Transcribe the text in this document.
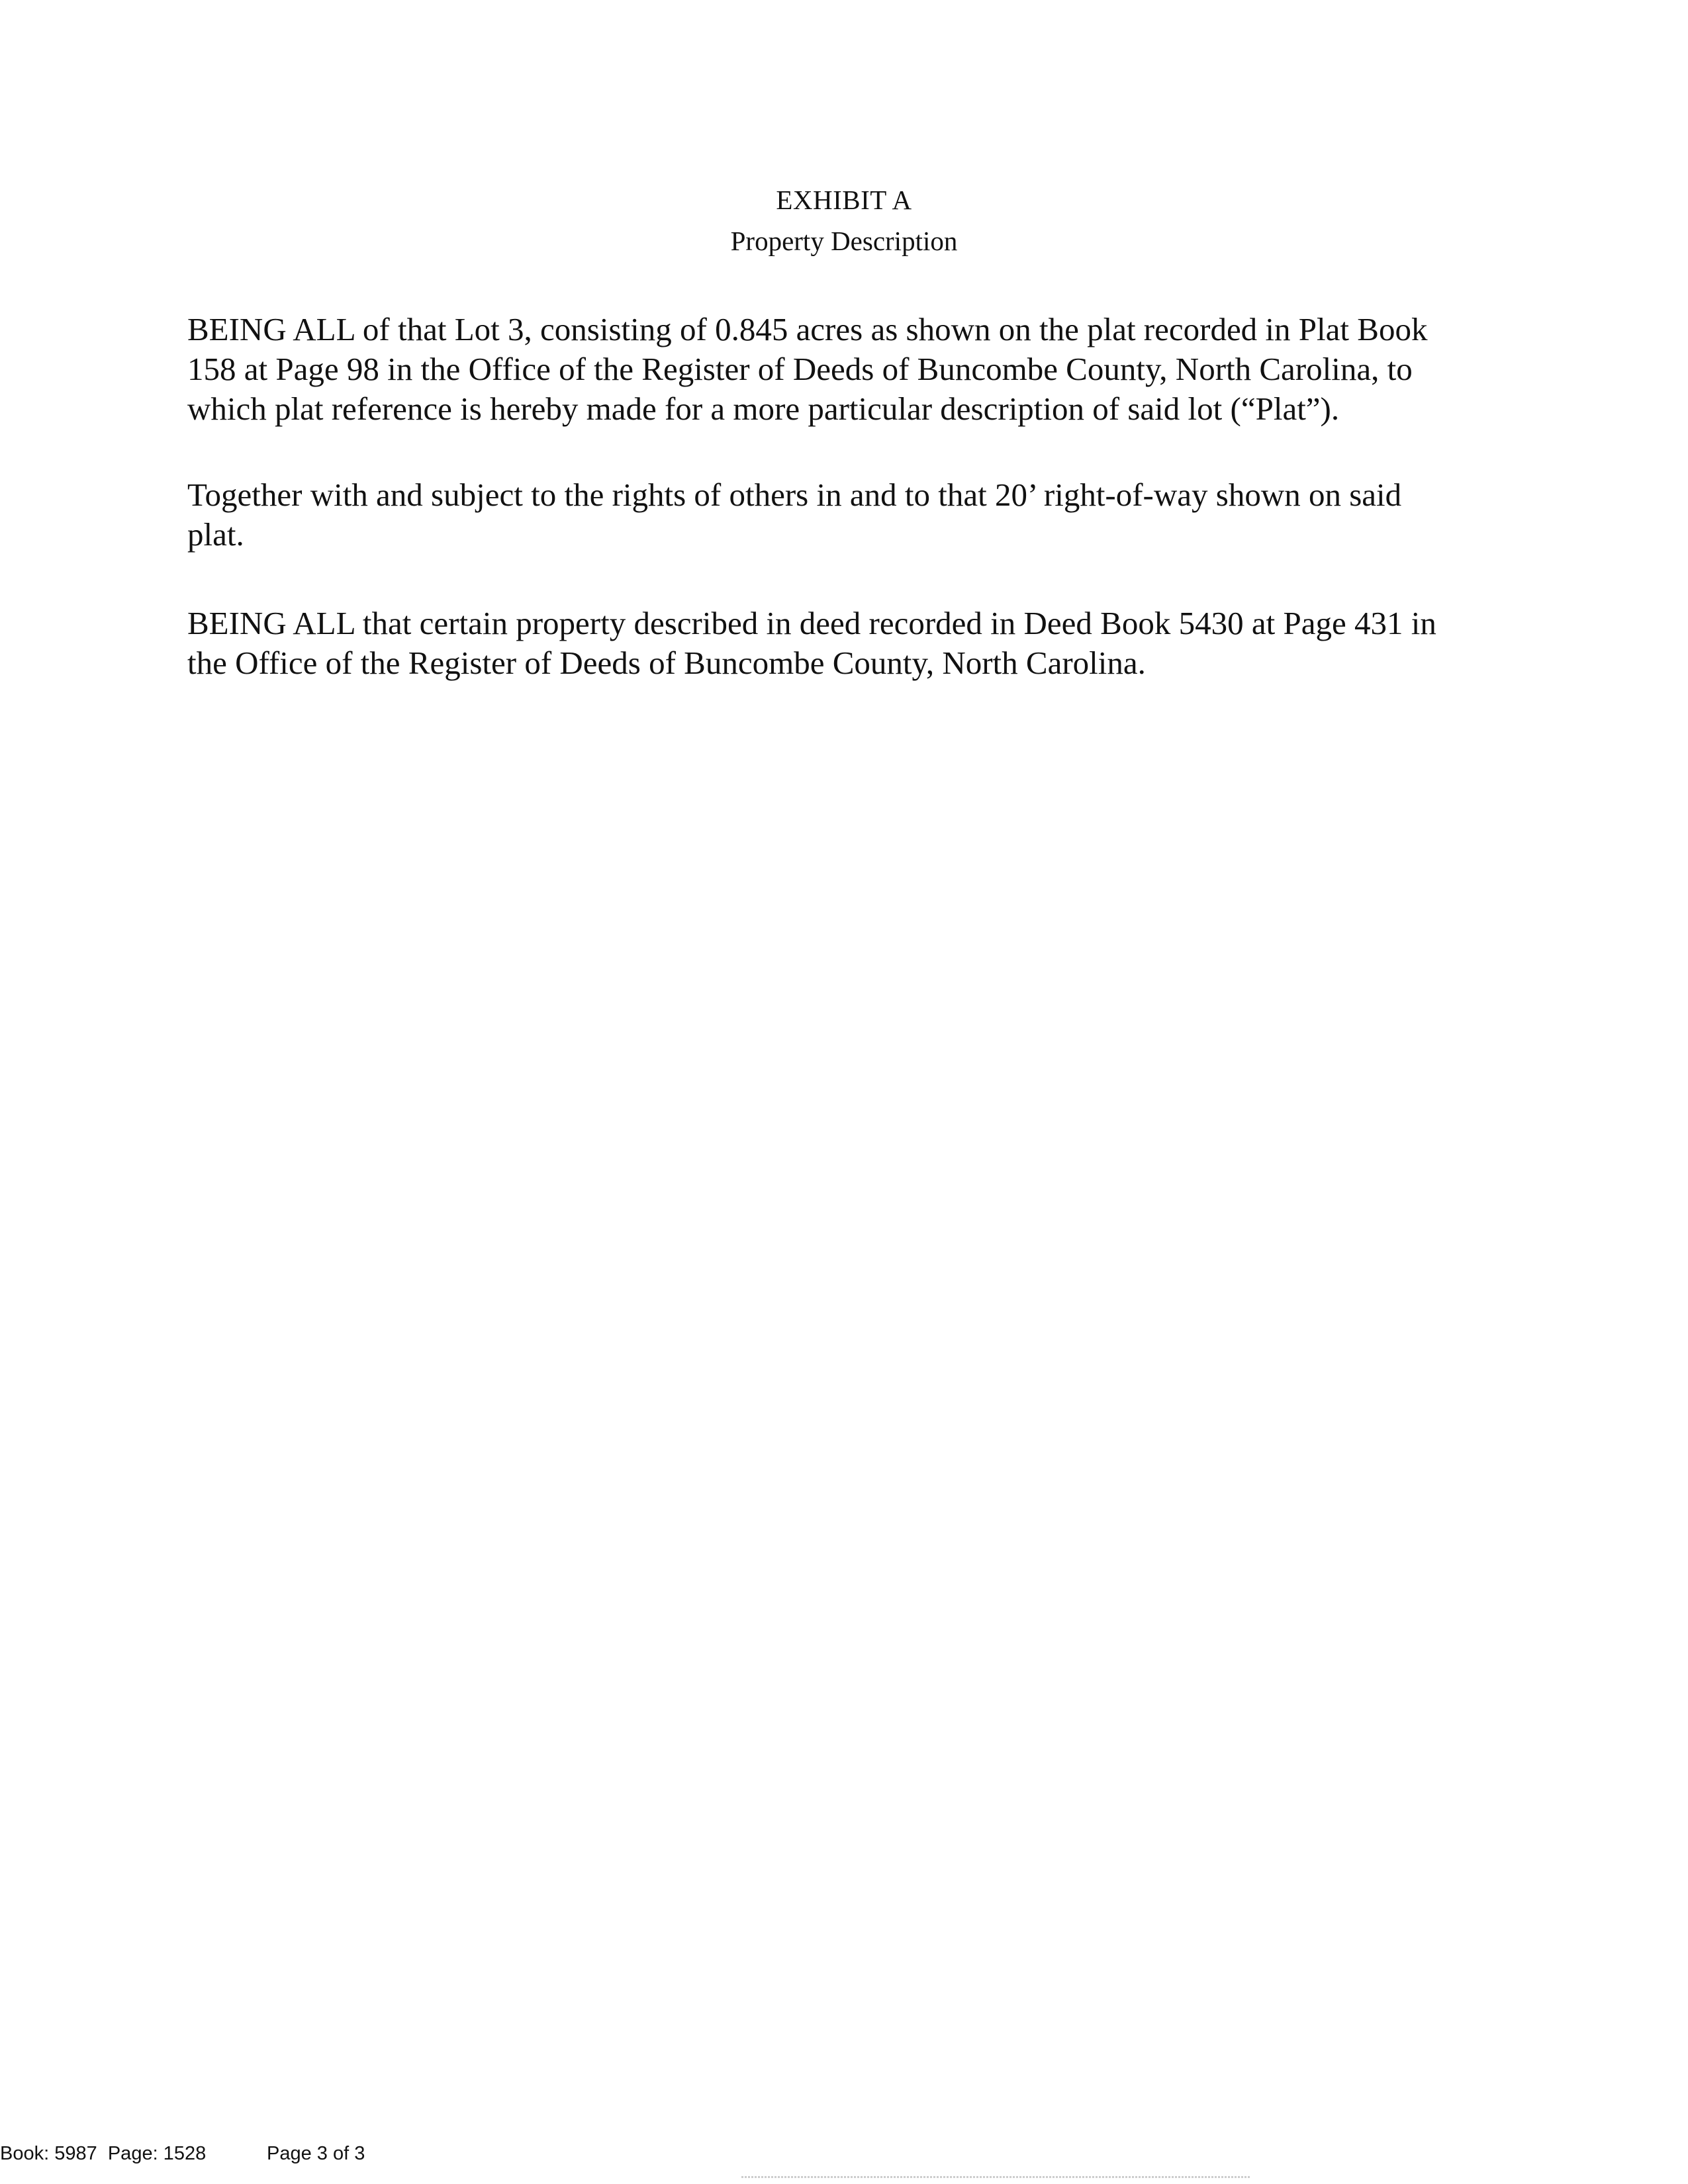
EXHIBIT A
Property Description
BEING ALL of that Lot 3, consisting of 0.845 acres as shown on the plat recorded in Plat Book
158 at Page 98 in the Office of the Register of Deeds of Buncombe County, North Carolina, to
which plat reference is hereby made for a more particular description of said lot (“Plat”).
Together with and subject to the rights of others in and to that 20’ right-of-way shown on said
plat.
BEING ALL that certain property described in deed recorded in Deed Book 5430 at Page 431 in
the Office of the Register of Deeds of Buncombe County, North Carolina.
Book: 5987  Page: 1528	Page 3 of 3
